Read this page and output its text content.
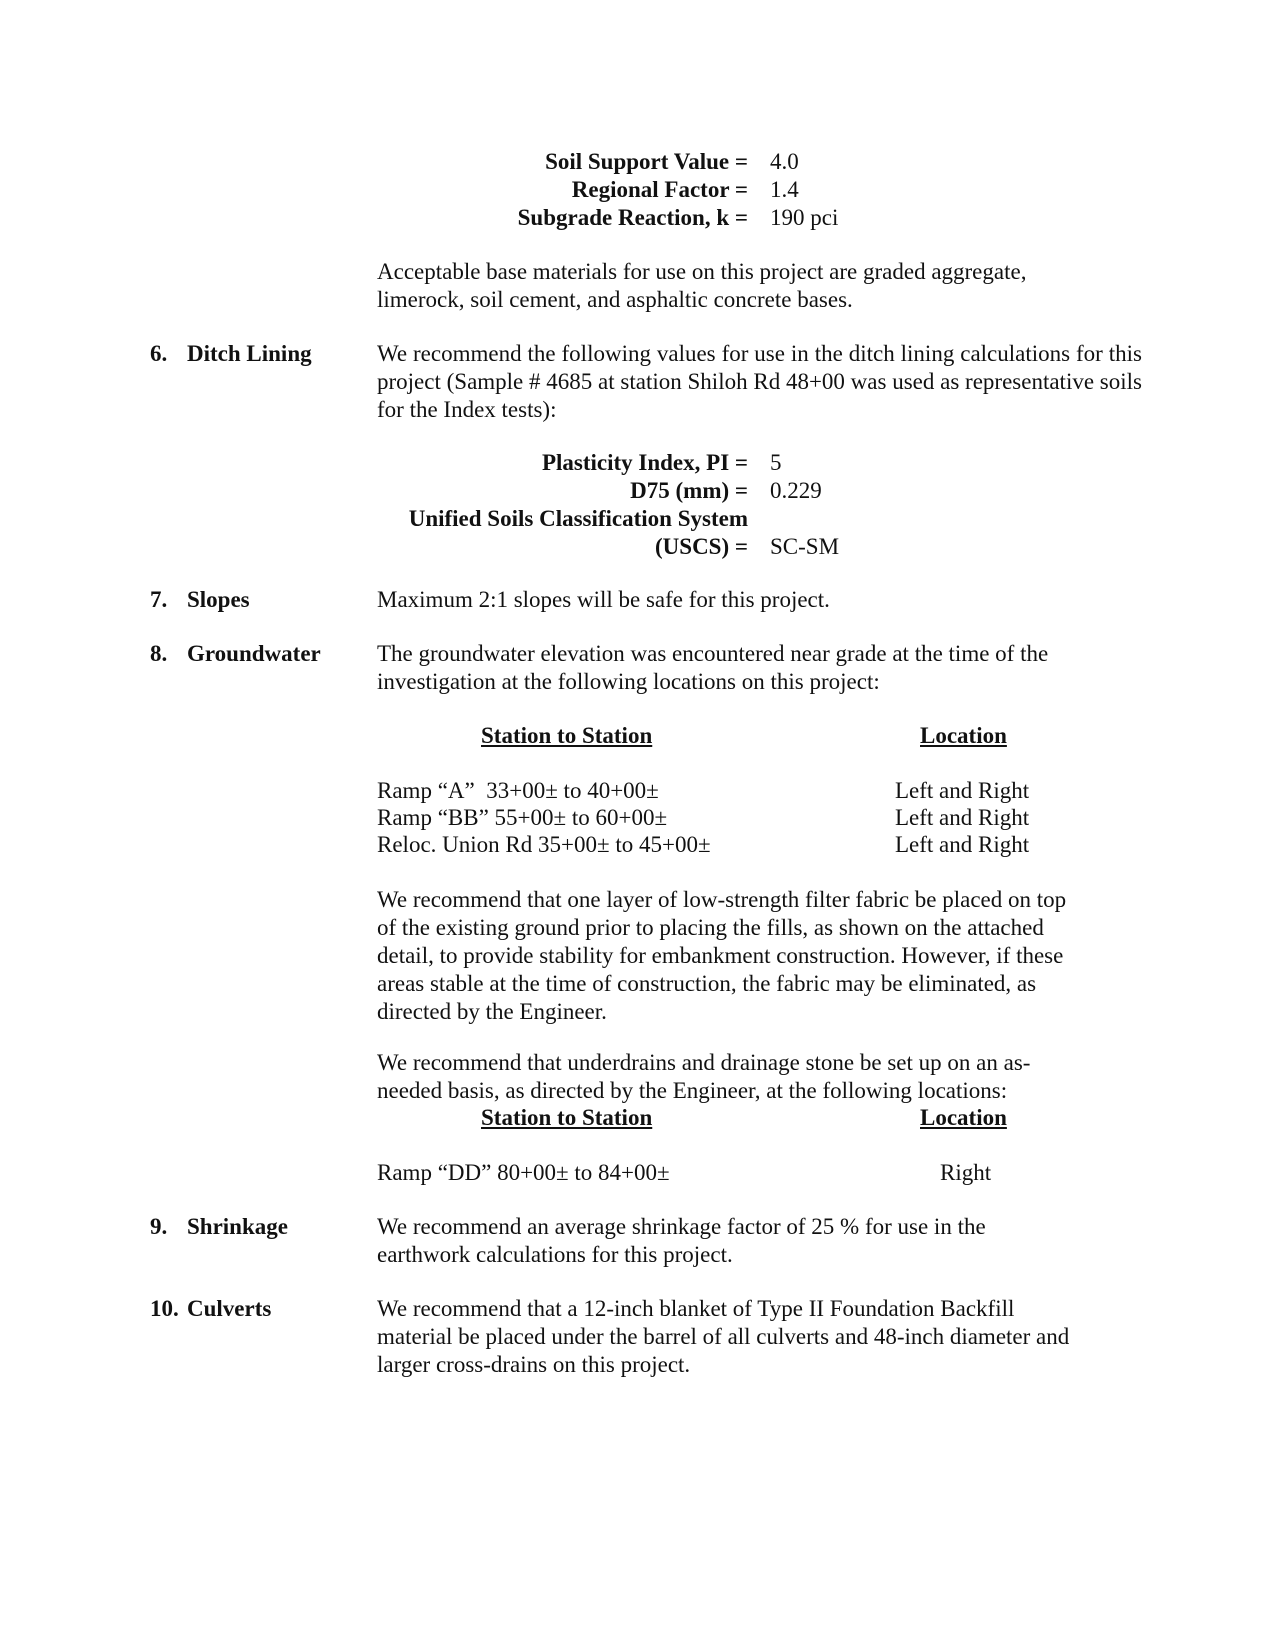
Soil Support Value = 4.0
Regional Factor = 1.4
Subgrade Reaction, k = 190 pci
Acceptable base materials for use on this project are graded aggregate, limerock, soil cement, and asphaltic concrete bases.
6. Ditch Lining	We recommend the following values for use in the ditch lining calculations for this project (Sample # 4685 at station Shiloh Rd 48+00 was used as representative soils for the Index tests):
Plasticity Index, PI = 5
D75 (mm) = 0.229
Unified Soils Classification System
(USCS) = SC-SM
7. Slopes	Maximum 2:1 slopes will be safe for this project.
8. Groundwater The groundwater elevation was encountered near grade at the time of the investigation at the following locations on this project:
Station to Station	Location
Ramp “A”  33+00± to 40+00±	Left and Right
Ramp “BB” 55+00± to 60+00±	Left and Right
Reloc. Union Rd 35+00± to 45+00±	Left and Right
We recommend that one layer of low-strength filter fabric be placed on top
of the existing ground prior to placing the fills, as shown on the attached
detail, to provide stability for embankment construction. However, if these
areas stable at the time of construction, the fabric may be eliminated, as
directed by the Engineer.
We recommend that underdrains and drainage stone be set up on an as-
needed basis, as directed by the Engineer, at the following locations:
Station to Station	Location
Ramp “DD” 80+00± to 84+00±	Right
9. Shrinkage	We recommend an average shrinkage factor of 25 % for use in the
earthwork calculations for this project.
10. Culverts	We recommend that a 12-inch blanket of Type II Foundation Backfill
material be placed under the barrel of all culverts and 48-inch diameter and
larger cross-drains on this project.
